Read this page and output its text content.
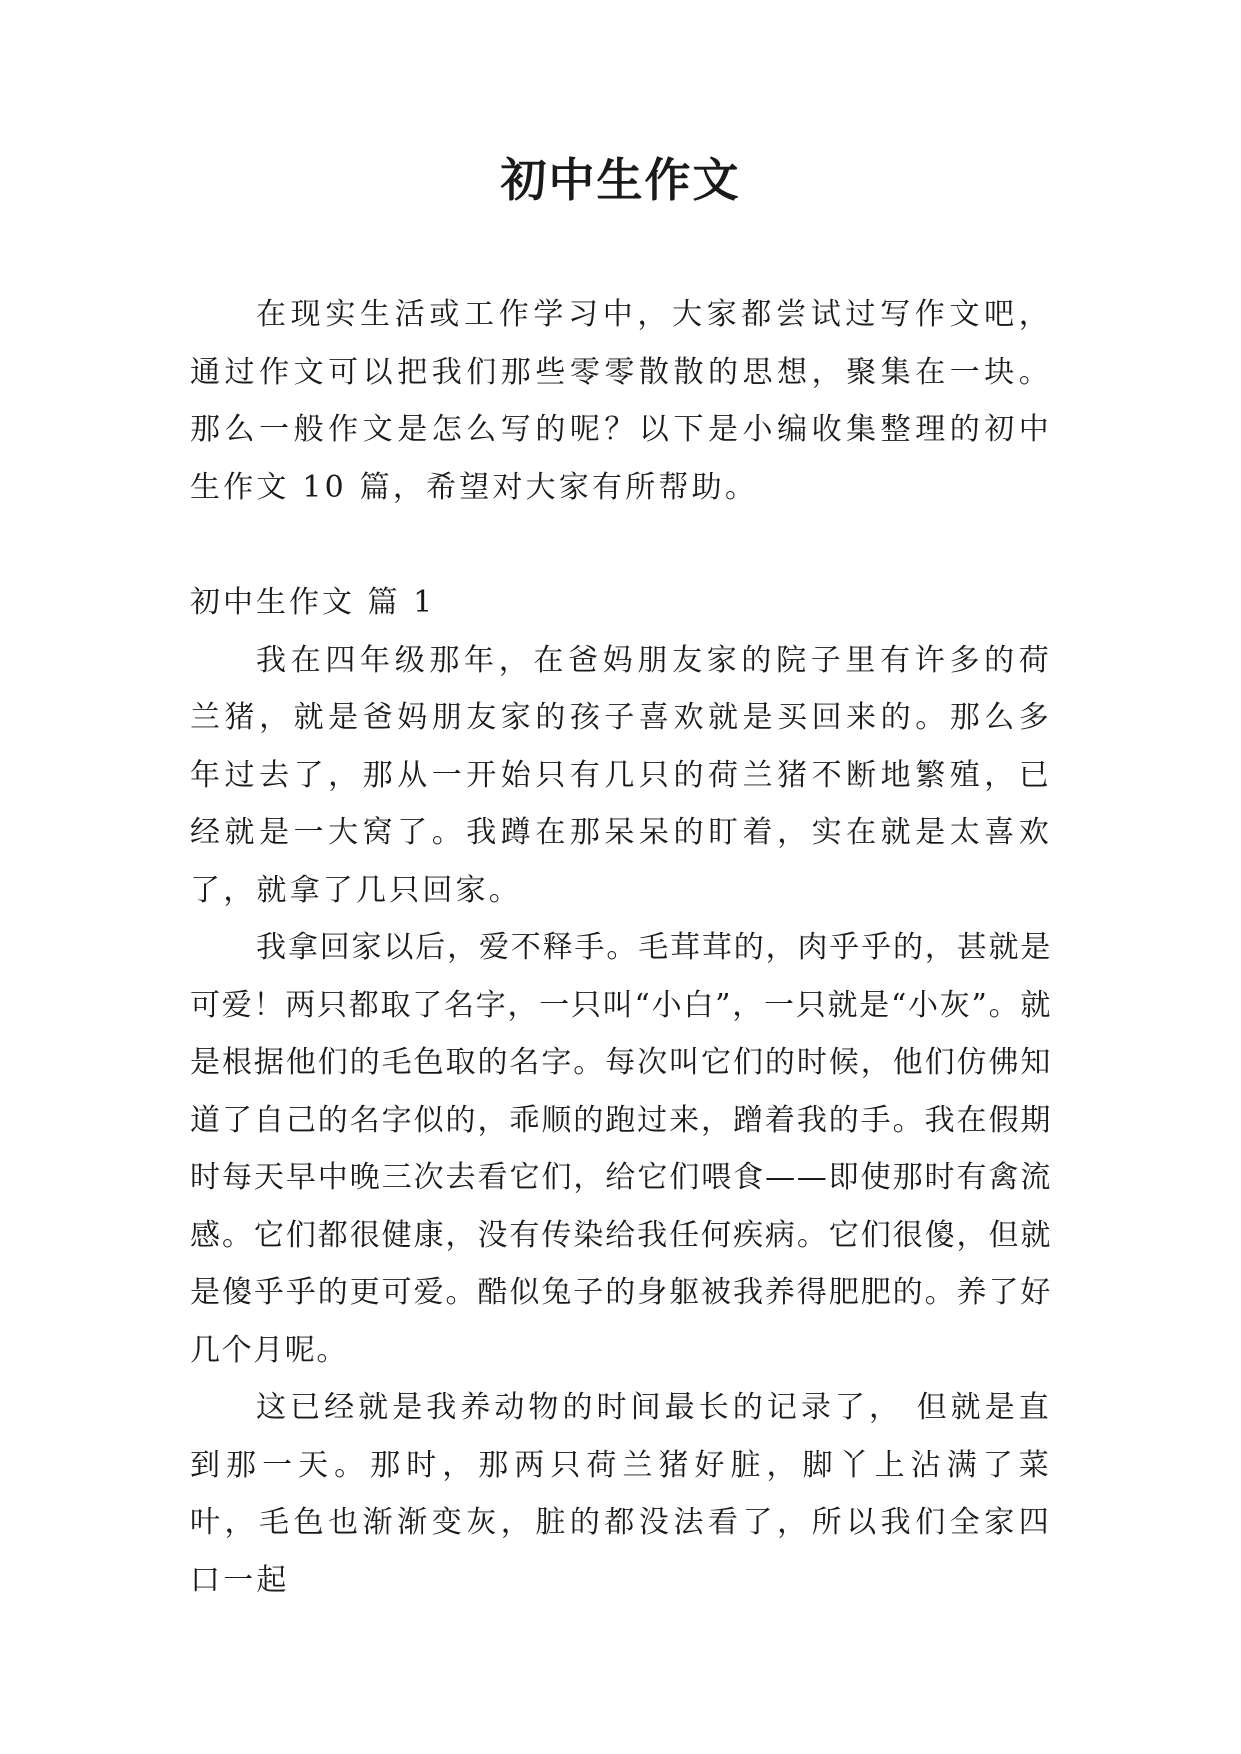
初中生作文

在现实生活或工作学习中，大家都尝试过写作文吧，通过作文可以把我们那些零零散散的思想，聚集在一块。那么一般作文是怎么写的呢？以下是小编收集整理的初中生作文 10 篇，希望对大家有所帮助。

初中生作文 篇 1

我在四年级那年，在爸妈朋友家的院子里有许多的荷兰猪，就是爸妈朋友家的孩子喜欢就是买回来的。那么多年过去了，那从一开始只有几只的荷兰猪不断地繁殖，已经就是一大窝了。我蹲在那呆呆的盯着，实在就是太喜欢了，就拿了几只回家。

我拿回家以后，爱不释手。毛茸茸的，肉乎乎的，甚就是可爱！两只都取了名字，一只叫“小白”，一只就是“小灰”。就是根据他们的毛色取的名字。每次叫它们的时候，他们仿佛知道了自己的名字似的，乖顺的跑过来，蹭着我的手。我在假期时每天早中晚三次去看它们，给它们喂食——即使那时有禽流感。它们都很健康，没有传染给我任何疾病。它们很傻，但就是傻乎乎的更可爱。酷似兔子的身躯被我养得肥肥的。养了好几个月呢。

这已经就是我养动物的时间最长的记录了， 但就是直到那一天。那时，那两只荷兰猪好脏，脚丫上沾满了菜叶，毛色也渐渐变灰，脏的都没法看了，所以我们全家四口一起
